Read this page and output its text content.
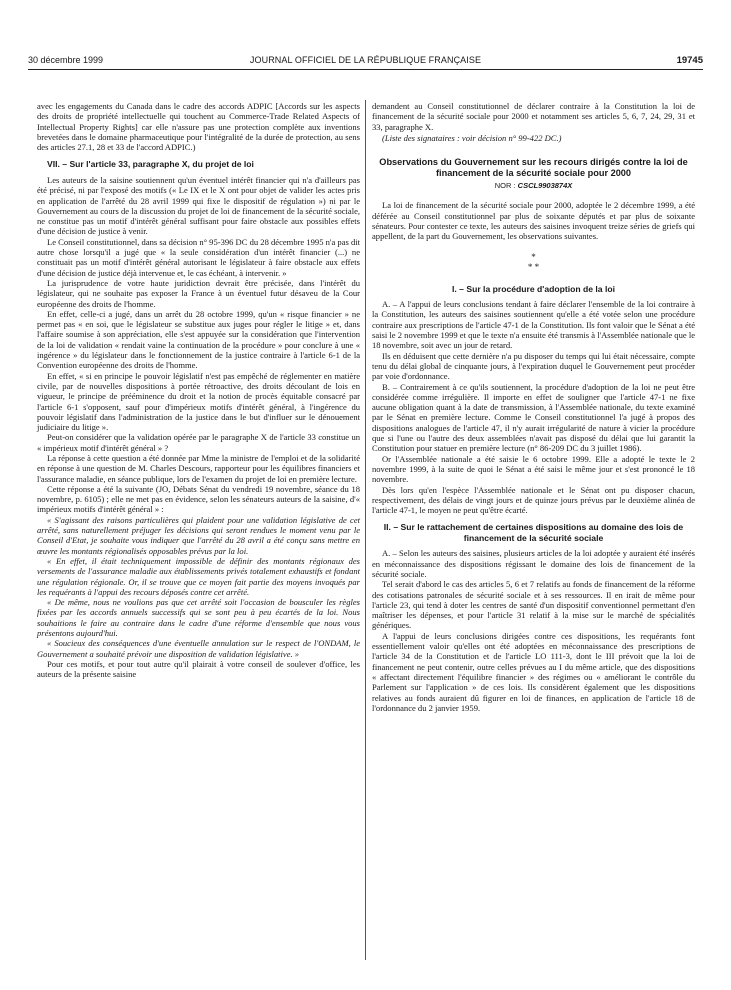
30 décembre 1999	JOURNAL OFFICIEL DE LA RÉPUBLIQUE FRANÇAISE	19745

avec les engagements du Canada dans le cadre des accords ADPIC [Accords sur les aspects des droits de propriété intellectuelle qui touchent au Commerce-Trade Related Aspects of Intellectual Property Rights] car elle n'assure pas une protection complète aux inventions brevetées dans le domaine pharmaceutique pour l'intégralité de la durée de protection, au sens des articles 27.1, 28 et 33 de l'accord ADPIC.)

VII. – Sur l'article 33, paragraphe X, du projet de loi

Les auteurs de la saisine soutiennent qu'un éventuel intérêt financier qui n'a d'ailleurs pas été précisé, ni par l'exposé des motifs (« Le IX et le X ont pour objet de valider les actes pris en application de l'arrêté du 28 avril 1999 qui fixe le dispositif de régulation ») ni par le Gouvernement au cours de la discussion du projet de loi de financement de la sécurité sociale, ne constitue pas un motif d'intérêt général suffisant pour faire obstacle aux possibles effets d'une décision de justice à venir.

Le Conseil constitutionnel, dans sa décision n° 95-396 DC du 28 décembre 1995 n'a pas dit autre chose lorsqu'il a jugé que « la seule considération d'un intérêt financier (...) ne constituait pas un motif d'intérêt général autorisant le législateur à faire obstacle aux effets d'une décision de justice déjà intervenue et, le cas échéant, à intervenir. »

La jurisprudence de votre haute juridiction devrait être précisée, dans l'intérêt du législateur, qui ne souhaite pas exposer la France à un éventuel futur désaveu de la Cour européenne des droits de l'homme.

En effet, celle-ci a jugé, dans un arrêt du 28 octobre 1999, qu'un « risque financier » ne permet pas « en soi, que le législateur se substitue aux juges pour régler le litige » et, dans l'affaire soumise à son appréciation, elle s'est appuyée sur la considération que l'intervention de la loi de validation « rendait vaine la continuation de la procédure » pour conclure à une « ingérence » du législateur dans le fonctionnement de la justice contraire à l'article 6-1 de la Convention européenne des droits de l'homme.

En effet, « si en principe le pouvoir législatif n'est pas empêché de réglementer en matière civile, par de nouvelles dispositions à portée rétroactive, des droits découlant de lois en vigueur, le principe de prééminence du droit et la notion de procès équitable consacré par l'article 6-1 s'opposent, sauf pour d'impérieux motifs d'intérêt général, à l'ingérence du pouvoir législatif dans l'administration de la justice dans le but d'influer sur le dénouement judiciaire du litige ».

Peut-on considérer que la validation opérée par le paragraphe X de l'article 33 constitue un « impérieux motif d'intérêt général » ?

La réponse à cette question a été donnée par Mme la ministre de l'emploi et de la solidarité en réponse à une question de M. Charles Descours, rapporteur pour les équilibres financiers et l'assurance maladie, en séance publique, lors de l'examen du projet de loi en première lecture.

Cette réponse a été la suivante (JO, Débats Sénat du vendredi 19 novembre, séance du 18 novembre, p. 6105) ; elle ne met pas en évidence, selon les sénateurs auteurs de la saisine, d'« impérieux motifs d'intérêt général » :

« S'agissant des raisons particulières qui plaident pour une validation législative de cet arrêté, sans naturellement préjuger les décisions qui seront rendues le moment venu par le Conseil d'Etat, je souhaite vous indiquer que l'arrêté du 28 avril a été conçu sans mettre en œuvre les montants régionalisés opposables prévus par la loi.

« En effet, il était techniquement impossible de définir des montants régionaux des versements de l'assurance maladie aux établissements privés totalement exhaustifs et fondant une régulation régionale. Or, il se trouve que ce moyen fait partie des moyens invoqués par les requérants à l'appui des recours déposés contre cet arrêté.

« De même, nous ne voulions pas que cet arrêté soit l'occasion de bousculer les règles fixées par les accords annuels successifs qui se sont peu à peu écartés de la loi. Nous souhaitions le faire au contraire dans le cadre d'une réforme d'ensemble que nous vous présentons aujourd'hui.

« Soucieux des conséquences d'une éventuelle annulation sur le respect de l'ONDAM, le Gouvernement a souhaité prévoir une disposition de validation législative. »

Pour ces motifs, et pour tout autre qu'il plairait à votre conseil de soulever d'office, les auteurs de la présente saisine

demandent au Conseil constitutionnel de déclarer contraire à la Constitution la loi de financement de la sécurité sociale pour 2000 et notamment ses articles 5, 6, 7, 24, 29, 31 et 33, paragraphe X.

(Liste des signataires : voir décision n° 99-422 DC.)

Observations du Gouvernement sur les recours dirigés contre la loi de financement de la sécurité sociale pour 2000
NOR : CSCL9903874X

La loi de financement de la sécurité sociale pour 2000, adoptée le 2 décembre 1999, a été déférée au Conseil constitutionnel par plus de soixante députés et par plus de soixante sénateurs. Pour contester ce texte, les auteurs des saisines invoquent treize séries de griefs qui appellent, de la part du Gouvernement, les observations suivantes.

*
* *
I. – Sur la procédure d'adoption de la loi

A. – A l'appui de leurs conclusions tendant à faire déclarer l'ensemble de la loi contraire à la Constitution, les auteurs des saisines soutiennent qu'elle a été votée selon une procédure contraire aux prescriptions de l'article 47-1 de la Constitution. Ils font valoir que le Sénat a été saisi le 2 novembre 1999 et que le texte n'a ensuite été transmis à l'Assemblée nationale que le 18 novembre, soit avec un jour de retard.

Ils en déduisent que cette dernière n'a pu disposer du temps qui lui était nécessaire, compte tenu du délai global de cinquante jours, à l'expiration duquel le Gouvernement peut procéder par voie d'ordonnance.

B. – Contrairement à ce qu'ils soutiennent, la procédure d'adoption de la loi ne peut être considérée comme irrégulière. Il importe en effet de souligner que l'article 47-1 ne fixe aucune obligation quant à la date de transmission, à l'Assemblée nationale, du texte examiné par le Sénat en première lecture. Comme le Conseil constitutionnel l'a jugé à propos des dispositions analogues de l'article 47, il n'y aurait irrégularité de nature à vicier la procédure que si l'une ou l'autre des deux assemblées n'avait pas disposé du délai que lui garantit la Constitution pour statuer en première lecture (n° 86-209 DC du 3 juillet 1986).

Or l'Assemblée nationale a été saisie le 6 octobre 1999. Elle a adopté le texte le 2 novembre 1999, à la suite de quoi le Sénat a été saisi le même jour et s'est prononcé le 18 novembre.

Dès lors qu'en l'espèce l'Assemblée nationale et le Sénat ont pu disposer chacun, respectivement, des délais de vingt jours et de quinze jours prévus par le deuxième alinéa de l'article 47-1, le moyen ne peut qu'être écarté.

II. – Sur le rattachement de certaines dispositions au domaine des lois de financement de la sécurité sociale

A. – Selon les auteurs des saisines, plusieurs articles de la loi adoptée y auraient été insérés en méconnaissance des dispositions régissant le domaine des lois de financement de la sécurité sociale.

Tel serait d'abord le cas des articles 5, 6 et 7 relatifs au fonds de financement de la réforme des cotisations patronales de sécurité sociale et à ses ressources. Il en irait de même pour l'article 23, qui tend à doter les centres de santé d'un dispositif conventionnel permettant d'en maîtriser les dépenses, et pour l'article 31 relatif à la mise sur le marché de spécialités génériques.

A l'appui de leurs conclusions dirigées contre ces dispositions, les requérants font essentiellement valoir qu'elles ont été adoptées en méconnaissance des prescriptions de l'article 34 de la Constitution et de l'article LO 111-3, dont le III prévoit que la loi de financement ne peut contenir, outre celles prévues au I du même article, que des dispositions « affectant directement l'équilibre financier » des régimes ou « améliorant le contrôle du Parlement sur l'application » de ces lois. Ils considèrent également que les dispositions relatives au fonds auraient dû figurer en loi de finances, en application de l'article 18 de l'ordonnance du 2 janvier 1959.
